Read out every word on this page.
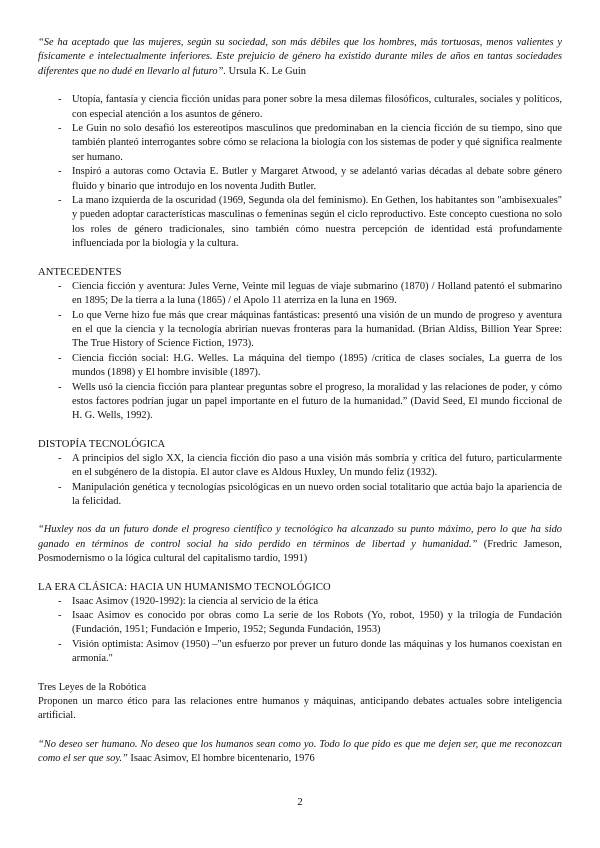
“Se ha aceptado que las mujeres, según su sociedad, son más débiles que los hombres, más tortuosas, menos valientes y físicamente e intelectualmente inferiores. Este prejuicio de género ha existido durante miles de años en tantas sociedades diferentes que no dudé en llevarlo al futuro”. Ursula K. Le Guin

- Utopía, fantasía y ciencia ficción unidas para poner sobre la mesa dilemas filosóficos, culturales, sociales y políticos, con especial atención a los asuntos de género.
- Le Guin no solo desafió los estereotipos masculinos que predominaban en la ciencia ficción de su tiempo, sino que también planteó interrogantes sobre cómo se relaciona la biología con los sistemas de poder y qué significa realmente ser humano.
- Inspiró a autoras como Octavia E. Butler y Margaret Atwood, y se adelantó varias décadas al debate sobre género fluido y binario que introdujo en los noventa Judith Butler.
- La mano izquierda de la oscuridad (1969, Segunda ola del feminismo). En Gethen, los habitantes son "ambisexuales" y pueden adoptar características masculinas o femeninas según el ciclo reproductivo. Este concepto cuestiona no solo los roles de género tradicionales, sino también cómo nuestra percepción de identidad está profundamente influenciada por la biología y la cultura.
ANTECEDENTES
- Ciencia ficción y aventura: Jules Verne, Veinte mil leguas de viaje submarino (1870) / Holland patentó el submarino en 1895; De la tierra a la luna (1865) / el Apolo 11 aterriza en la luna en 1969.
- Lo que Verne hizo fue más que crear máquinas fantásticas: presentó una visión de un mundo de progreso y aventura en el que la ciencia y la tecnología abrirían nuevas fronteras para la humanidad. (Brian Aldiss, Billion Year Spree: The True History of Science Fiction, 1973).
- Ciencia ficción social: H.G. Welles. La máquina del tiempo (1895) /crítica de clases sociales, La guerra de los mundos (1898) y El hombre invisible (1897).
- Wells usó la ciencia ficción para plantear preguntas sobre el progreso, la moralidad y las relaciones de poder, y cómo estos factores podrían jugar un papel importante en el futuro de la humanidad.” (David Seed, El mundo ficcional de H. G. Wells, 1992).
DISTOPÍA TECNOLÓGICA
- A principios del siglo XX, la ciencia ficción dio paso a una visión más sombría y crítica del futuro, particularmente en el subgénero de la distopía. El autor clave es Aldous Huxley, Un mundo feliz (1932).
- Manipulación genética y tecnologías psicológicas en un nuevo orden social totalitario que actúa bajo la apariencia de la felicidad.

“Huxley nos da un futuro donde el progreso científico y tecnológico ha alcanzado su punto máximo, pero lo que ha sido ganado en términos de control social ha sido perdido en términos de libertad y humanidad.” (Fredric Jameson, Posmodernismo o la lógica cultural del capitalismo tardío, 1991)

LA ERA CLÁSICA: HACIA UN HUMANISMO TECNOLÓGICO
- Isaac Asimov (1920-1992): la ciencia al servicio de la ética
- Isaac Asimov es conocido por obras como La serie de los Robots (Yo, robot, 1950) y la trilogía de Fundación (Fundación, 1951; Fundación e Imperio, 1952; Segunda Fundación, 1953)
- Visión optimista: Asimov (1950) –"un esfuerzo por prever un futuro donde las máquinas y los humanos coexistan en armonía."

Tres Leyes de la Robótica

Proponen un marco ético para las relaciones entre humanos y máquinas, anticipando debates actuales sobre inteligencia artificial.

“No deseo ser humano. No deseo que los humanos sean como yo. Todo lo que pido es que me dejen ser, que me reconozcan como el ser que soy.” Isaac Asimov, El hombre bicentenario, 1976

2
